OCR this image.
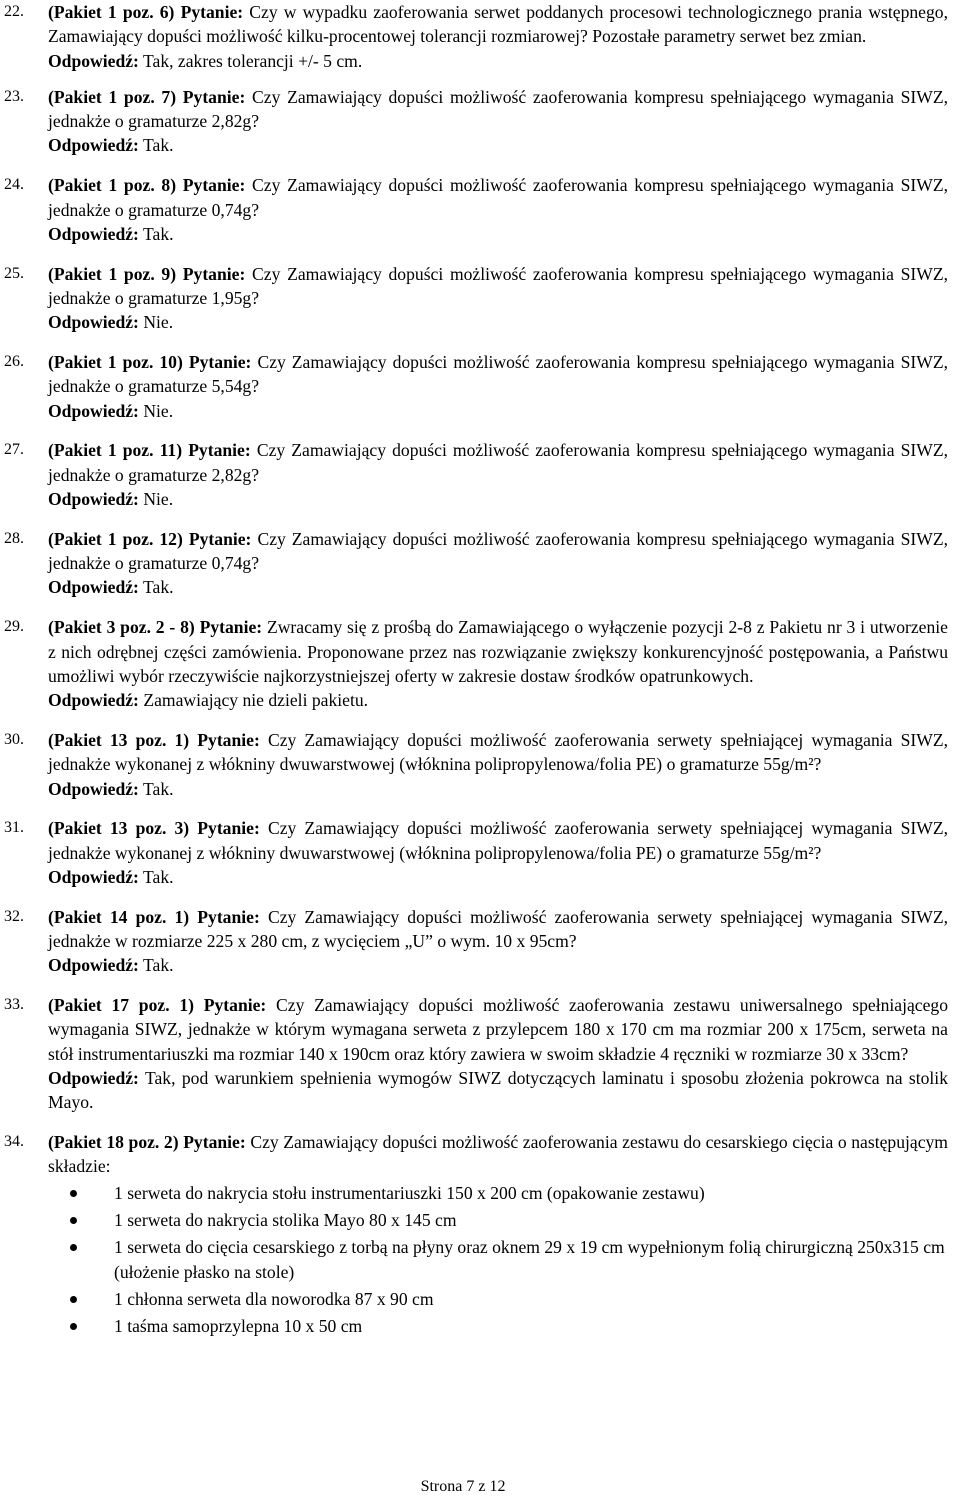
22.	(Pakiet 1 poz. 6) Pytanie: Czy w wypadku zaoferowania serwet poddanych procesowi technologicznego prania wstępnego, Zamawiający dopuści możliwość kilku-procentowej tolerancji rozmiarowej? Pozostałe parametry serwet bez zmian.
Odpowiedź: Tak, zakres tolerancji +/- 5 cm.
23.	(Pakiet 1 poz. 7) Pytanie: Czy Zamawiający dopuści możliwość zaoferowania kompresu spełniającego wymagania SIWZ, jednakże o gramaturze 2,82g?
Odpowiedź: Tak.
24.	(Pakiet 1 poz. 8) Pytanie: Czy Zamawiający dopuści możliwość zaoferowania kompresu spełniającego wymagania SIWZ, jednakże o gramaturze 0,74g?
Odpowiedź: Tak.
25.	(Pakiet 1 poz. 9) Pytanie: Czy Zamawiający dopuści możliwość zaoferowania kompresu spełniającego wymagania SIWZ, jednakże o gramaturze 1,95g?
Odpowiedź: Nie.
26.	(Pakiet 1 poz. 10) Pytanie: Czy Zamawiający dopuści możliwość zaoferowania kompresu spełniającego wymagania SIWZ, jednakże o gramaturze 5,54g?
Odpowiedź: Nie.
27.	(Pakiet 1 poz. 11) Pytanie: Czy Zamawiający dopuści możliwość zaoferowania kompresu spełniającego wymagania SIWZ, jednakże o gramaturze 2,82g?
Odpowiedź: Nie.
28.	(Pakiet 1 poz. 12) Pytanie: Czy Zamawiający dopuści możliwość zaoferowania kompresu spełniającego wymagania SIWZ, jednakże o gramaturze 0,74g?
Odpowiedź: Tak.
29.	(Pakiet 3 poz. 2 - 8) Pytanie: Zwracamy się z prośbą do Zamawiającego o wyłączenie pozycji 2-8 z Pakietu nr 3 i utworzenie z nich odrębnej części zamówienia. Proponowane przez nas rozwiązanie zwiększy konkurencyjność postępowania, a Państwu umożliwi wybór rzeczywiście najkorzystniejszej oferty w zakresie dostaw środków opatrunkowych.
Odpowiedź: Zamawiający nie dzieli pakietu.
30.	(Pakiet 13 poz. 1) Pytanie: Czy Zamawiający dopuści możliwość zaoferowania serwety spełniającej wymagania SIWZ, jednakże wykonanej z włókniny dwuwarstwowej (włóknina polipropylenowa/folia PE) o gramaturze 55g/m²?
Odpowiedź: Tak.
31.	(Pakiet 13 poz. 3) Pytanie: Czy Zamawiający dopuści możliwość zaoferowania serwety spełniającej wymagania SIWZ, jednakże wykonanej z włókniny dwuwarstwowej (włóknina polipropylenowa/folia PE) o gramaturze 55g/m²?
Odpowiedź: Tak.
32.	(Pakiet 14 poz. 1) Pytanie: Czy Zamawiający dopuści możliwość zaoferowania serwety spełniającej wymagania SIWZ, jednakże w rozmiarze 225 x 280 cm, z wycięciem „U” o wym. 10 x 95cm?
Odpowiedź: Tak.
33.	(Pakiet 17 poz. 1) Pytanie: Czy Zamawiający dopuści możliwość zaoferowania zestawu uniwersalnego spełniającego wymagania SIWZ, jednakże w którym wymagana serweta z przylepcem 180 x 170 cm ma rozmiar 200 x 175cm, serweta na stół instrumentariuszki ma rozmiar 140 x 190cm oraz który zawiera w swoim składzie 4 ręczniki w rozmiarze 30 x 33cm?
Odpowiedź: Tak, pod warunkiem spełnienia wymogów SIWZ dotyczących laminatu i sposobu złożenia pokrowca na stolik Mayo.
34.	(Pakiet 18 poz. 2) Pytanie: Czy Zamawiający dopuści możliwość zaoferowania zestawu do cesarskiego cięcia o następującym składzie:
1 serweta do nakrycia stołu instrumentariuszki 150 x 200 cm (opakowanie zestawu)
1 serweta do nakrycia stolika Mayo 80 x 145 cm
1 serweta do cięcia cesarskiego z torbą na płyny oraz oknem 29 x 19 cm wypełnionym folią chirurgiczną 250x315 cm (ułożenie płasko na stole)
1 chłonna serweta dla noworodka 87 x 90 cm
1 taśma samoprzylepna 10 x 50 cm
Strona 7 z 12
